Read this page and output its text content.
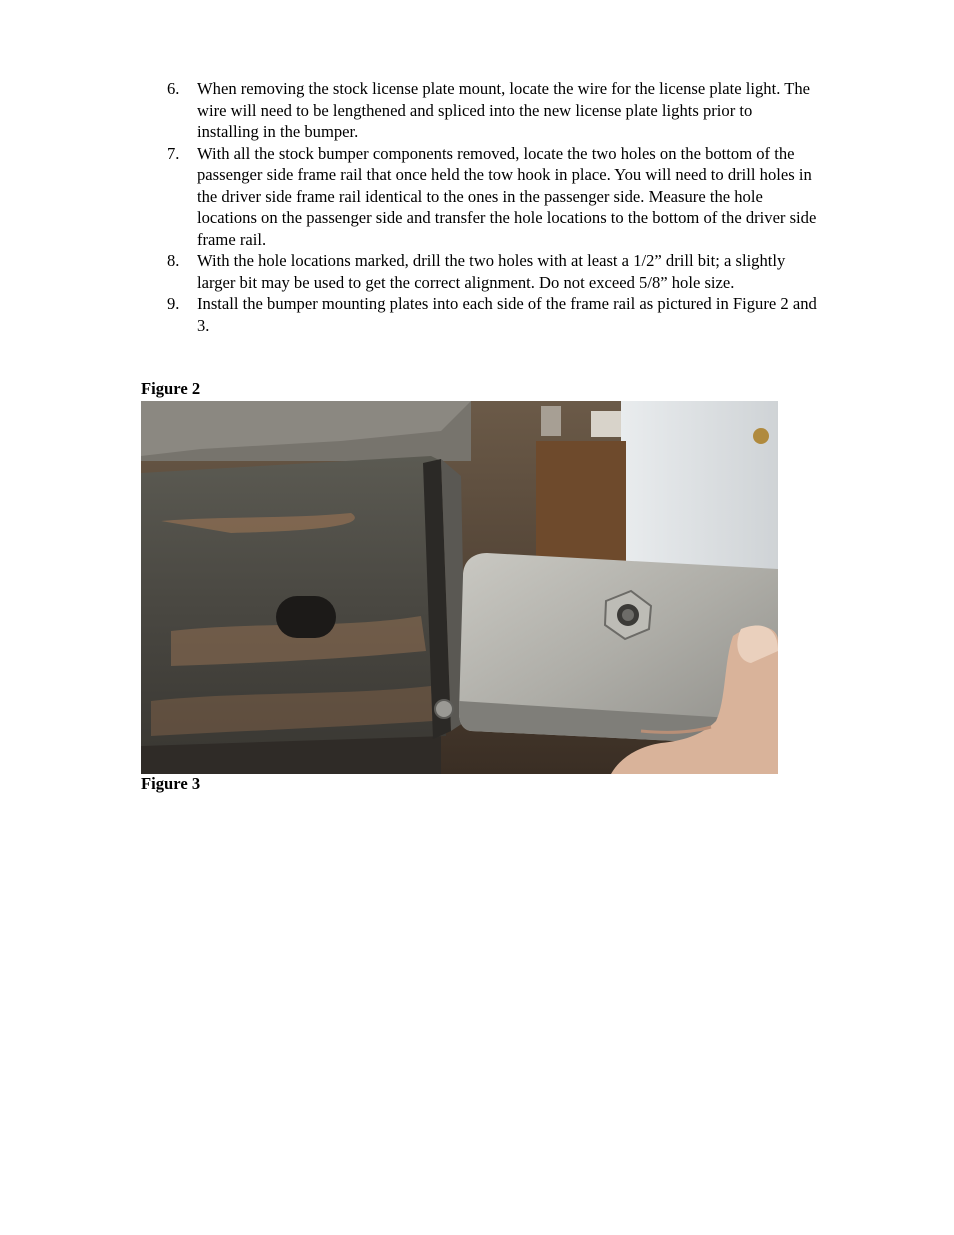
6. When removing the stock license plate mount, locate the wire for the license plate light. The wire will need to be lengthened and spliced into the new license plate lights prior to installing in the bumper.
7. With all the stock bumper components removed, locate the two holes on the bottom of the passenger side frame rail that once held the tow hook in place. You will need to drill holes in the driver side frame rail identical to the ones in the passenger side. Measure the hole locations on the passenger side and transfer the hole locations to the bottom of the driver side frame rail.
8. With the hole locations marked, drill the two holes with at least a 1/2” drill bit; a slightly larger bit may be used to get the correct alignment. Do not exceed 5/8” hole size.
9. Install the bumper mounting plates into each side of the frame rail as pictured in Figure 2 and 3.
Figure 2
Figure 3
